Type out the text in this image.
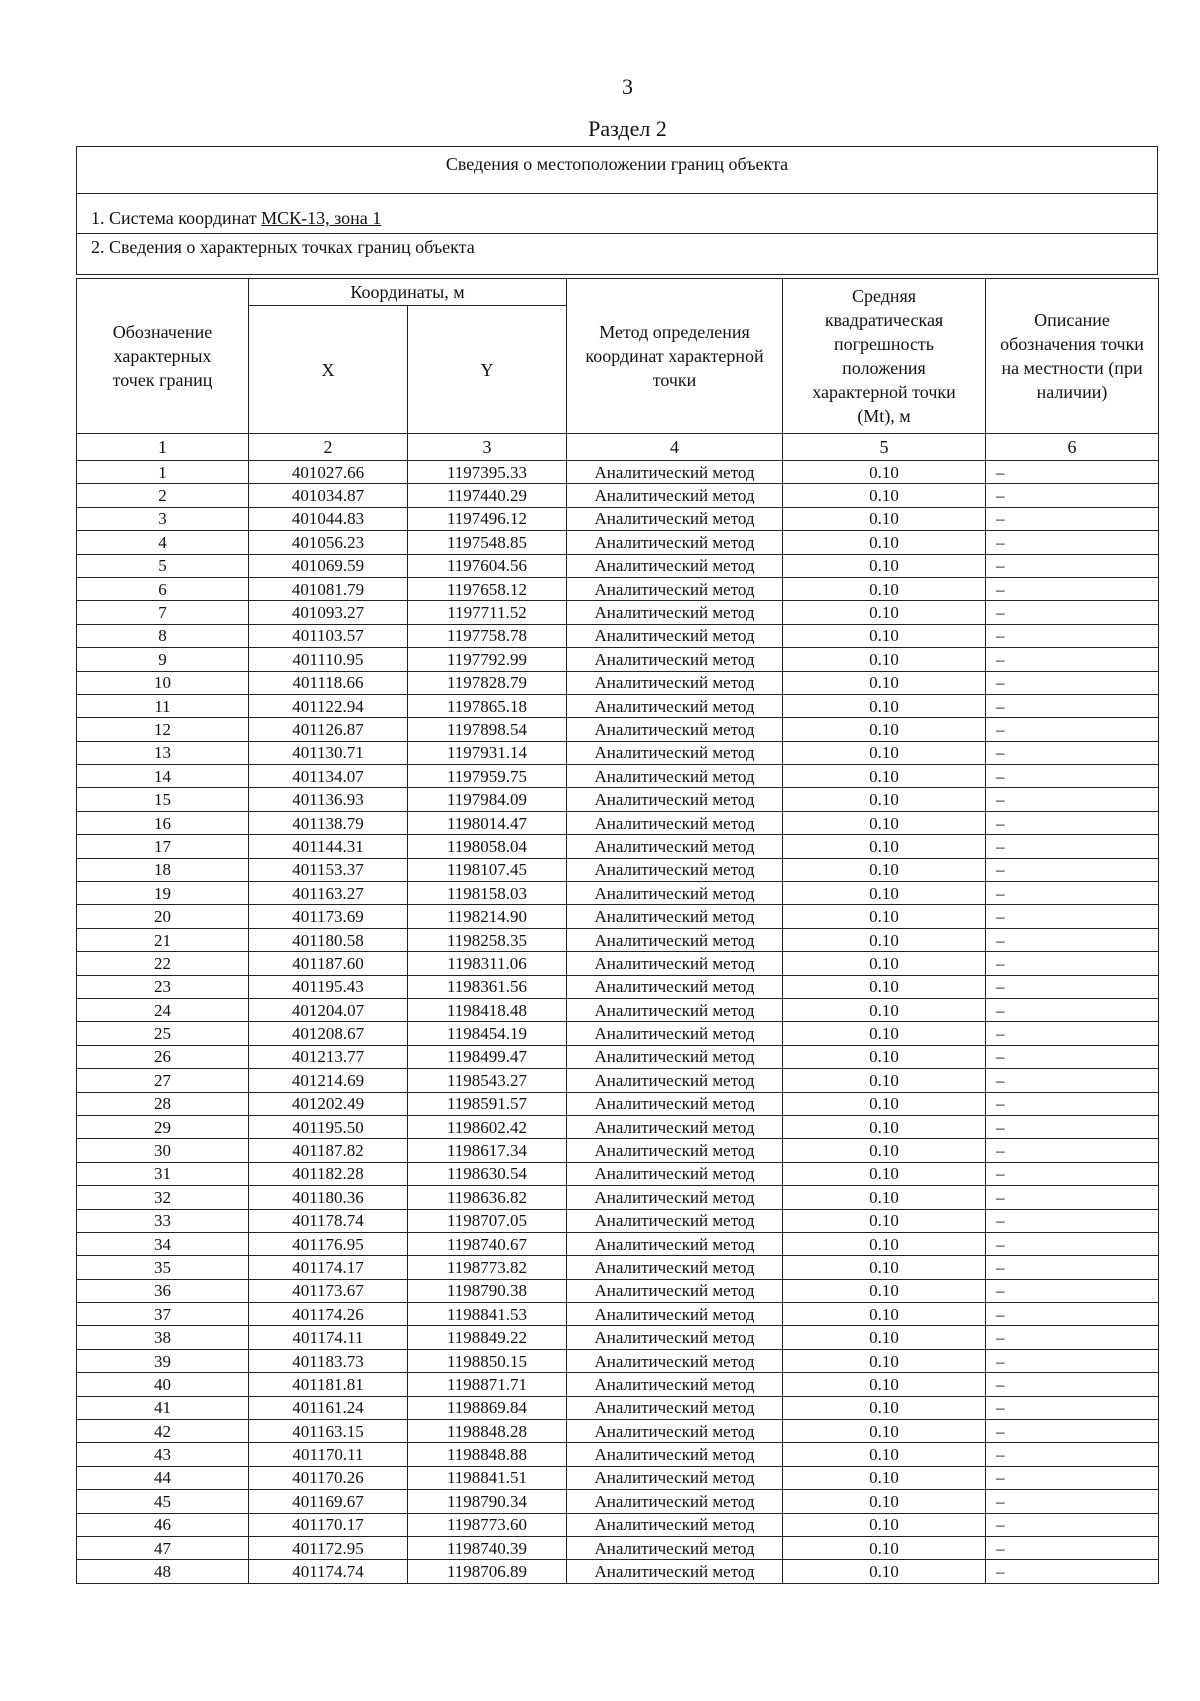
3
Раздел 2
Сведения о местоположении границ объекта
1. Система координат МСК-13, зона 1
2. Сведения о характерных точках границ объекта
Обозначение характерных точек границ	Координаты, м		Метод определения координат характерной точки	Средняя квадратическая погрешность положения характерной точки (Mt), м	Описание обозначения точки на местности (при наличии)
	X	Y			
1	2	3	4	5	6
1	401027.66	1197395.33	Аналитический метод	0.10	–
2	401034.87	1197440.29	Аналитический метод	0.10	–
3	401044.83	1197496.12	Аналитический метод	0.10	–
4	401056.23	1197548.85	Аналитический метод	0.10	–
5	401069.59	1197604.56	Аналитический метод	0.10	–
6	401081.79	1197658.12	Аналитический метод	0.10	–
7	401093.27	1197711.52	Аналитический метод	0.10	–
8	401103.57	1197758.78	Аналитический метод	0.10	–
9	401110.95	1197792.99	Аналитический метод	0.10	–
10	401118.66	1197828.79	Аналитический метод	0.10	–
11	401122.94	1197865.18	Аналитический метод	0.10	–
12	401126.87	1197898.54	Аналитический метод	0.10	–
13	401130.71	1197931.14	Аналитический метод	0.10	–
14	401134.07	1197959.75	Аналитический метод	0.10	–
15	401136.93	1197984.09	Аналитический метод	0.10	–
16	401138.79	1198014.47	Аналитический метод	0.10	–
17	401144.31	1198058.04	Аналитический метод	0.10	–
18	401153.37	1198107.45	Аналитический метод	0.10	–
19	401163.27	1198158.03	Аналитический метод	0.10	–
20	401173.69	1198214.90	Аналитический метод	0.10	–
21	401180.58	1198258.35	Аналитический метод	0.10	–
22	401187.60	1198311.06	Аналитический метод	0.10	–
23	401195.43	1198361.56	Аналитический метод	0.10	–
24	401204.07	1198418.48	Аналитический метод	0.10	–
25	401208.67	1198454.19	Аналитический метод	0.10	–
26	401213.77	1198499.47	Аналитический метод	0.10	–
27	401214.69	1198543.27	Аналитический метод	0.10	–
28	401202.49	1198591.57	Аналитический метод	0.10	–
29	401195.50	1198602.42	Аналитический метод	0.10	–
30	401187.82	1198617.34	Аналитический метод	0.10	–
31	401182.28	1198630.54	Аналитический метод	0.10	–
32	401180.36	1198636.82	Аналитический метод	0.10	–
33	401178.74	1198707.05	Аналитический метод	0.10	–
34	401176.95	1198740.67	Аналитический метод	0.10	–
35	401174.17	1198773.82	Аналитический метод	0.10	–
36	401173.67	1198790.38	Аналитический метод	0.10	–
37	401174.26	1198841.53	Аналитический метод	0.10	–
38	401174.11	1198849.22	Аналитический метод	0.10	–
39	401183.73	1198850.15	Аналитический метод	0.10	–
40	401181.81	1198871.71	Аналитический метод	0.10	–
41	401161.24	1198869.84	Аналитический метод	0.10	–
42	401163.15	1198848.28	Аналитический метод	0.10	–
43	401170.11	1198848.88	Аналитический метод	0.10	–
44	401170.26	1198841.51	Аналитический метод	0.10	–
45	401169.67	1198790.34	Аналитический метод	0.10	–
46	401170.17	1198773.60	Аналитический метод	0.10	–
47	401172.95	1198740.39	Аналитический метод	0.10	–
48	401174.74	1198706.89	Аналитический метод	0.10	–
